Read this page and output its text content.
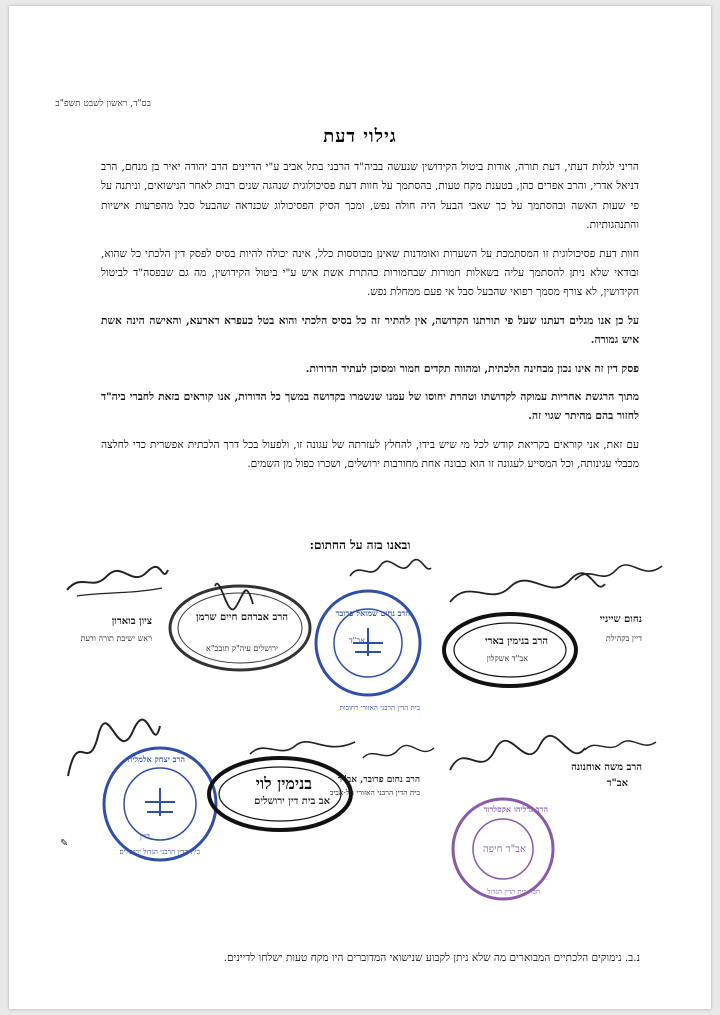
בס"ד, ראשון לשבט תשפ"ב
גילוי דעת

הריני לגלות דעתי, דעת תורה, אודות ביטול הקידושין שנעשה בביה"ד הרבני בתל אביב ע"י הדיינים הרב יהודה יאיר בן מנחם, הרב דניאל אדרי, והרב אפרים כהן, בטענת מקח טעות, בהסתמך על חוות דעת פסיכולוגית שנהגה שנים רבות לאחר הנישואים, וניתנה על פי שעות האשה ובהסתמך על כך שאבי הבעל היה חולה נפש, ומכך הסיק הפסיכולוג שכנראה שהבעל סבל מהפרעות אישיות והתנהגותיות.

חוות דעת פסיכולוגית זו המסתמכת על השערות ואומדנות שאינן מבוססות כלל, אינה יכולה להיות בסיס לפסק דין הלכתי כל שהוא, ובודאי שלא ניתן להסתמך עליה בשאלות חמורות שבחמורות כהתרת אשת איש ע"י ביטול הקידושין, מה גם שבפסה"ד לביטול הקידושין, לא צורף מסמך רפואי שהבעל סבל אי פעם ממחלת נפש.

על כן אנו מגלים דעתנו שעל פי תורתנו הקדושה, אין להתיר זה כל בסיס הלכתי והוא בטל כעפרא דארעא, והאישה הינה אשת איש גמורה.

פסק דין זה אינו נכון מבחינה הלכתית, ומהווה תקדים חמור ומסוכן לעתיד הדורות.

מתוך הרגשת אחריות עמוקה לקדושתו וטהרת יחוסו של עמנו שנשמרו בקדושה במשך כל הדורות, אנו קוראים בזאת לחברי ביה"ד לחזור בהם מהיתר שגוי זה.

עם זאת, אני קוראים בקריאת קודש לכל מי שיש בידו, להחלץ לעזרתה של עגונה זו, ולפעול בכל דרך הלכתית אפשרית כדי לחלצה מכבלי עגינותה, וכל המסייע לעגונה זו הוא כבונה אחת מחורבות ירושלים, ושכרו כפול מן השמים.

ובאנו בזה על החתום:
ציון בוארון
ראש ישיבת תורה ודעת
הרב אברהם חיים שרמן
ירושלים עיה"ק תובב"א
הרב נחום שמואל פרובר
אב"ד
בית הדין הרבני האזורי רחובות
הרב בנימין בארי
אב"ד אשקלון
נחום שייניי
דיין בקהילת
✎
הרב יצחק אלמליח
דיין
בית הדין הרבני הגדול ירושלים
בנימין לוי
אב בית דין ירושלים
הרב נחום פרובר, אב"ד
בית הדין הרבני האזורי תל-אביב
הרב גדליהו אקסלרוד
אב"ד חיפה
חבר בית הדין הגדול
הרב משה אוחנונה
אב"ד
נ.ב. נימוקים הלכתיים המבוארים מה שלא ניתן לקבוע שנישואי המדוברים היו מקח טעות ישלחו לדיינים.
